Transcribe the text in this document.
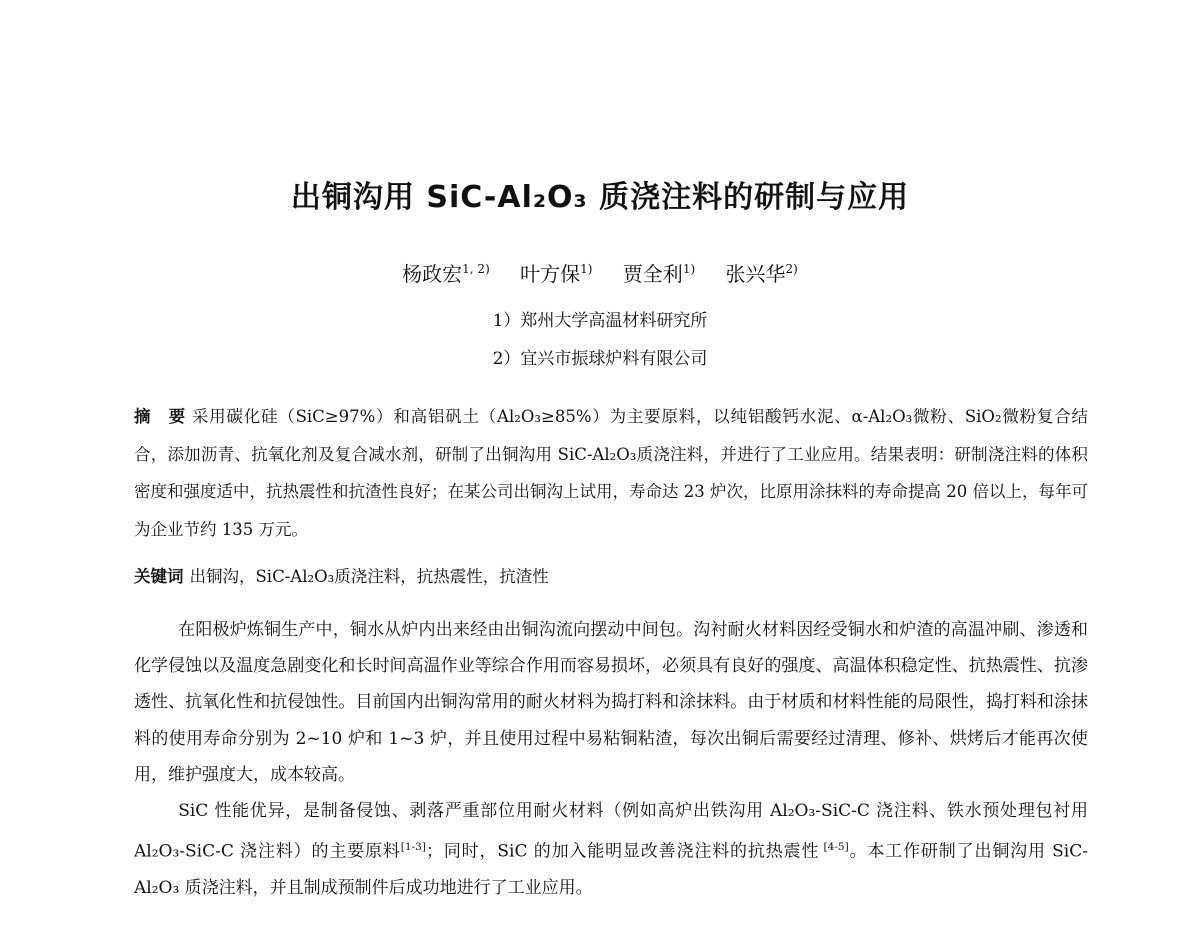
出铜沟用 SiC-Al₂O₃ 质浇注料的研制与应用
杨政宏$^{1, 2)}$ 叶方保$^{1)}$ 贾全利$^{1)}$ 张兴华$^{2)}$
1）郑州大学高温材料研究所
2）宜兴市振球炉料有限公司
摘　要 采用碳化硅（SiC≥97%）和高铝矾土（Al₂O₃≥85%）为主要原料，以纯铝酸钙水泥、α-Al₂O₃微粉、SiO₂微粉复合结合，添加沥青、抗氧化剂及复合减水剂，研制了出铜沟用 SiC-Al₂O₃质浇注料，并进行了工业应用。结果表明：研制浇注料的体积密度和强度适中，抗热震性和抗渣性良好；在某公司出铜沟上试用，寿命达 23 炉次，比原用涂抹料的寿命提高 20 倍以上，每年可为企业节约 135 万元。
关键词 出铜沟，SiC-Al₂O₃质浇注料，抗热震性，抗渣性

在阳极炉炼铜生产中，铜水从炉内出来经由出铜沟流向摆动中间包。沟衬耐火材料因经受铜水和炉渣的高温冲刷、渗透和化学侵蚀以及温度急剧变化和长时间高温作业等综合作用而容易损坏，必须具有良好的强度、高温体积稳定性、抗热震性、抗渗透性、抗氧化性和抗侵蚀性。目前国内出铜沟常用的耐火材料为捣打料和涂抹料。由于材质和材料性能的局限性，捣打料和涂抹料的使用寿命分别为 2~10 炉和 1~3 炉，并且使用过程中易粘铜粘渣，每次出铜后需要经过清理、修补、烘烤后才能再次使用，维护强度大，成本较高。

SiC 性能优异，是制备侵蚀、剥落严重部位用耐火材料（例如高炉出铁沟用 Al₂O₃-SiC-C 浇注料、铁水预处理包衬用 Al₂O₃-SiC-C 浇注料）的主要原料[1-3]；同时，SiC 的加入能明显改善浇注料的抗热震性 [4-5]。本工作研制了出铜沟用 SiC-Al₂O₃ 质浇注料，并且制成预制件后成功地进行了工业应用。
